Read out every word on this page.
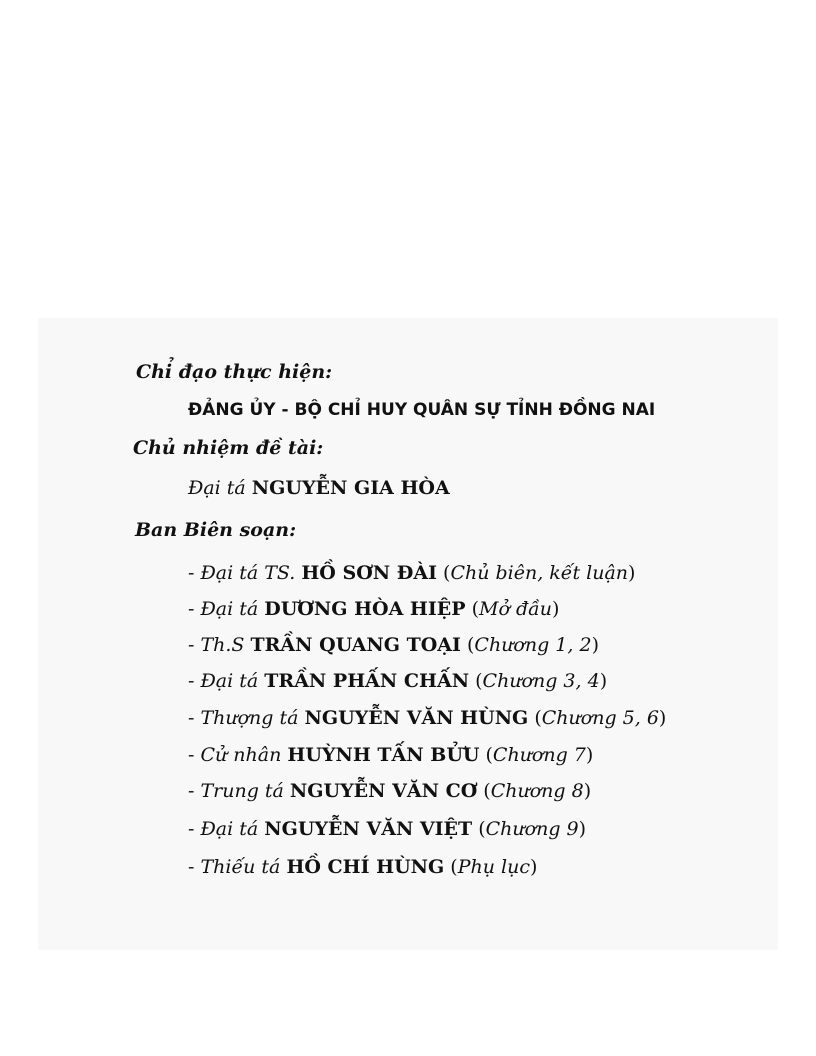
Chỉ đạo thực hiện:
ĐẢNG ỦY - BỘ CHỈ HUY QUÂN SỰ TỈNH ĐỒNG NAI
Chủ nhiệm đề tài:
Đại tá NGUYỄN GIA HÒA
Ban Biên soạn:
- Đại tá TS. HỒ SƠN ĐÀI (Chủ biên, kết luận)
- Đại tá DƯƠNG HÒA HIỆP (Mở đầu)
- Th.S TRẦN QUANG TOẠI (Chương 1, 2)
- Đại tá TRẦN PHẤN CHẤN (Chương 3, 4)
- Thượng tá NGUYỄN VĂN HÙNG (Chương 5, 6)
- Cử nhân HUỲNH TẤN BỬU (Chương 7)
- Trung tá NGUYỄN VĂN CƠ (Chương 8)
- Đại tá NGUYỄN VĂN VIỆT (Chương 9)
- Thiếu tá HỒ CHÍ HÙNG (Phụ lục)
